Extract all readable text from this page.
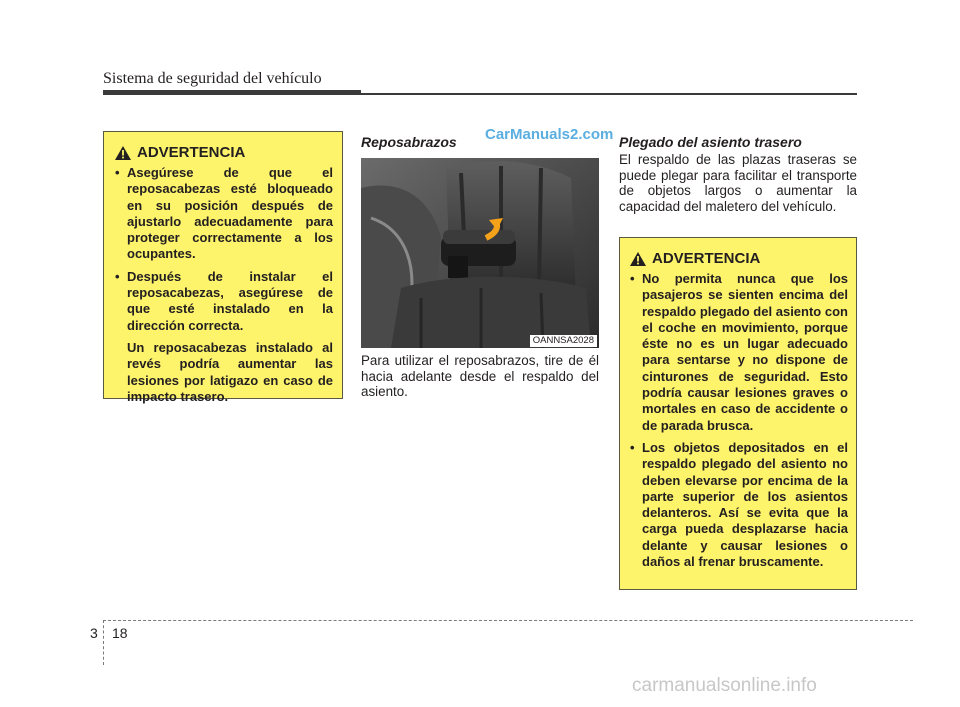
Sistema de seguridad del vehículo
ADVERTENCIA
• Asegúrese de que el reposacabezas esté bloqueado en su posición después de ajustarlo adecuadamente para proteger correctamente a los ocupantes.
• Después de instalar el reposacabezas, asegúrese de que esté instalado en la dirección correcta.

Un reposacabezas instalado al revés podría aumentar las lesiones por latigazo en caso de impacto trasero.

Reposabrazos CarManuals2.com
OANNSA2028
Para utilizar el reposabrazos, tire de él hacia adelante desde el respaldo del asiento.
Plegado del asiento trasero
El respaldo de las plazas traseras se puede plegar para facilitar el transporte de objetos largos o aumentar la capacidad del maletero del vehículo.
ADVERTENCIA
• No permita nunca que los pasajeros se sienten encima del respaldo plegado del asiento con el coche en movimiento, porque éste no es un lugar adecuado para sentarse y no dispone de cinturones de seguridad. Esto podría causar lesiones graves o mortales en caso de accidente o de parada brusca.
• Los objetos depositados en el respaldo plegado del asiento no deben elevarse por encima de la parte superior de los asientos delanteros. Así se evita que la carga pueda desplazarse hacia delante y causar lesiones o daños al frenar bruscamente.
3 18
carmanualsonline.info
